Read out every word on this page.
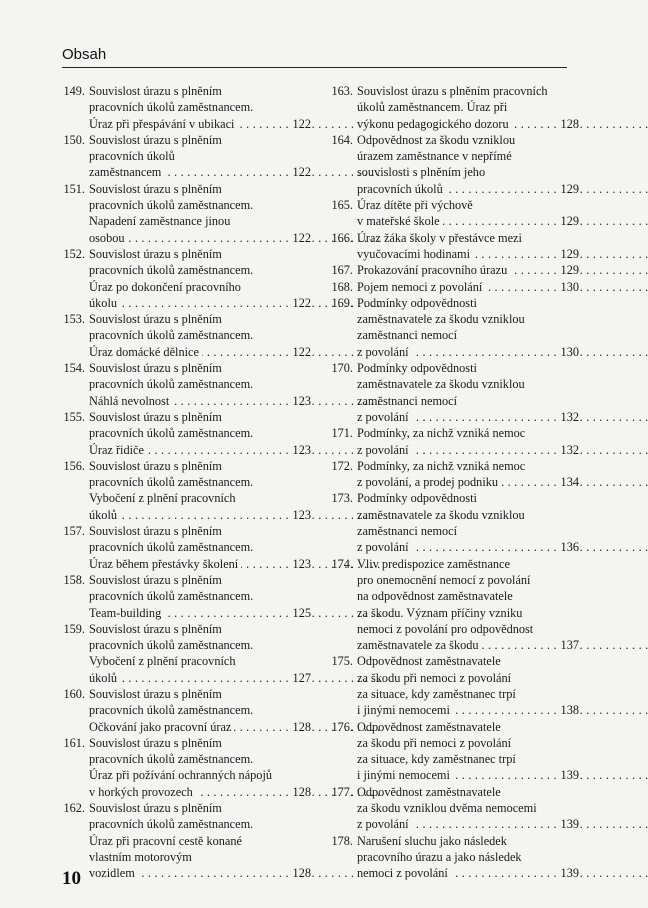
Obsah
149. Souvislost úrazu s plněním
pracovních úkolů zaměstnancem.
Úraz při přespávání v ubikaci	122
. . .
150. Souvislost úrazu s plněním
pracovních úkolů
zaměstnancem	122
. . .
151. Souvislost úrazu s plněním
pracovních úkolů zaměstnancem.
Napadení zaměstnance jinou
osobou	122
. . .
152. Souvislost úrazu s plněním
pracovních úkolů zaměstnancem.
Úraz po dokončení pracovního
úkolu	122
. . .
153. Souvislost úrazu s plněním
pracovních úkolů zaměstnancem.
Úraz domácké dělnice	122
. . .
154. Souvislost úrazu s plněním
pracovních úkolů zaměstnancem.
Náhlá nevolnost	123
. . .
155. Souvislost úrazu s plněním
pracovních úkolů zaměstnancem.
Úraz řidiče	123
. . .
156. Souvislost úrazu s plněním
pracovních úkolů zaměstnancem.
Vybočení z plnění pracovních
úkolů	123
. . .
157. Souvislost úrazu s plněním
pracovních úkolů zaměstnancem.
Úraz během přestávky školení	123
. . .
158. Souvislost úrazu s plněním
pracovních úkolů zaměstnancem.
Team-building	125
. . .
159. Souvislost úrazu s plněním
pracovních úkolů zaměstnancem.
Vybočení z plnění pracovních
úkolů	127
. . .
160. Souvislost úrazu s plněním
pracovních úkolů zaměstnancem.
Očkování jako pracovní úraz	128
. . .
161. Souvislost úrazu s plněním
pracovních úkolů zaměstnancem.
Úraz při požívání ochranných nápojů
v horkých provozech	128
. . .
162. Souvislost úrazu s plněním
pracovních úkolů zaměstnancem.
Úraz při pracovní cestě konané
vlastním motorovým
vozidlem	128
. . .
163. Souvislost úrazu s plněním pracovních
úkolů zaměstnancem. Úraz při
výkonu pedagogického dozoru	128
. . .
164. Odpovědnost za škodu vzniklou
úrazem zaměstnance v nepřímé
souvislosti s plněním jeho
pracovních úkolů	129
. . .
165. Úraz dítěte při výchově
v mateřské škole	129
. . .
166. Úraz žáka školy v přestávce mezi
vyučovacími hodinami	129
. . .
167. Prokazování pracovního úrazu	129
. . .
168. Pojem nemoci z povolání	130
. . .
169. Podmínky odpovědnosti
zaměstnavatele za škodu vzniklou
zaměstnanci nemocí
z povolání	130
. . .
170. Podmínky odpovědnosti
zaměstnavatele za škodu vzniklou
zaměstnanci nemocí
z povolání	132
. . .
171. Podmínky, za nichž vzniká nemoc
z povolání	132
. . .
172. Podmínky, za nichž vzniká nemoc
z povolání, a prodej podniku	134
. . .
173. Podmínky odpovědnosti
zaměstnavatele za škodu vzniklou
zaměstnanci nemocí
z povolání	136
. . .
174. Vliv predispozice zaměstnance
pro onemocnění nemocí z povolání
na odpovědnost zaměstnavatele
za škodu. Význam příčiny vzniku
nemoci z povolání pro odpovědnost
zaměstnavatele za škodu	137
. . .
175. Odpovědnost zaměstnavatele
za škodu při nemoci z povolání
za situace, kdy zaměstnanec trpí
i jinými nemocemi	138
. . .
176. Odpovědnost zaměstnavatele
za škodu při nemoci z povolání
za situace, kdy zaměstnanec trpí
i jinými nemocemi	139
. . .
177. Odpovědnost zaměstnavatele
za škodu vzniklou dvěma nemocemi
z povolání	139
. . .
178. Narušení sluchu jako následek
pracovního úrazu a jako následek
nemoci z povolání	139
. . .
10
